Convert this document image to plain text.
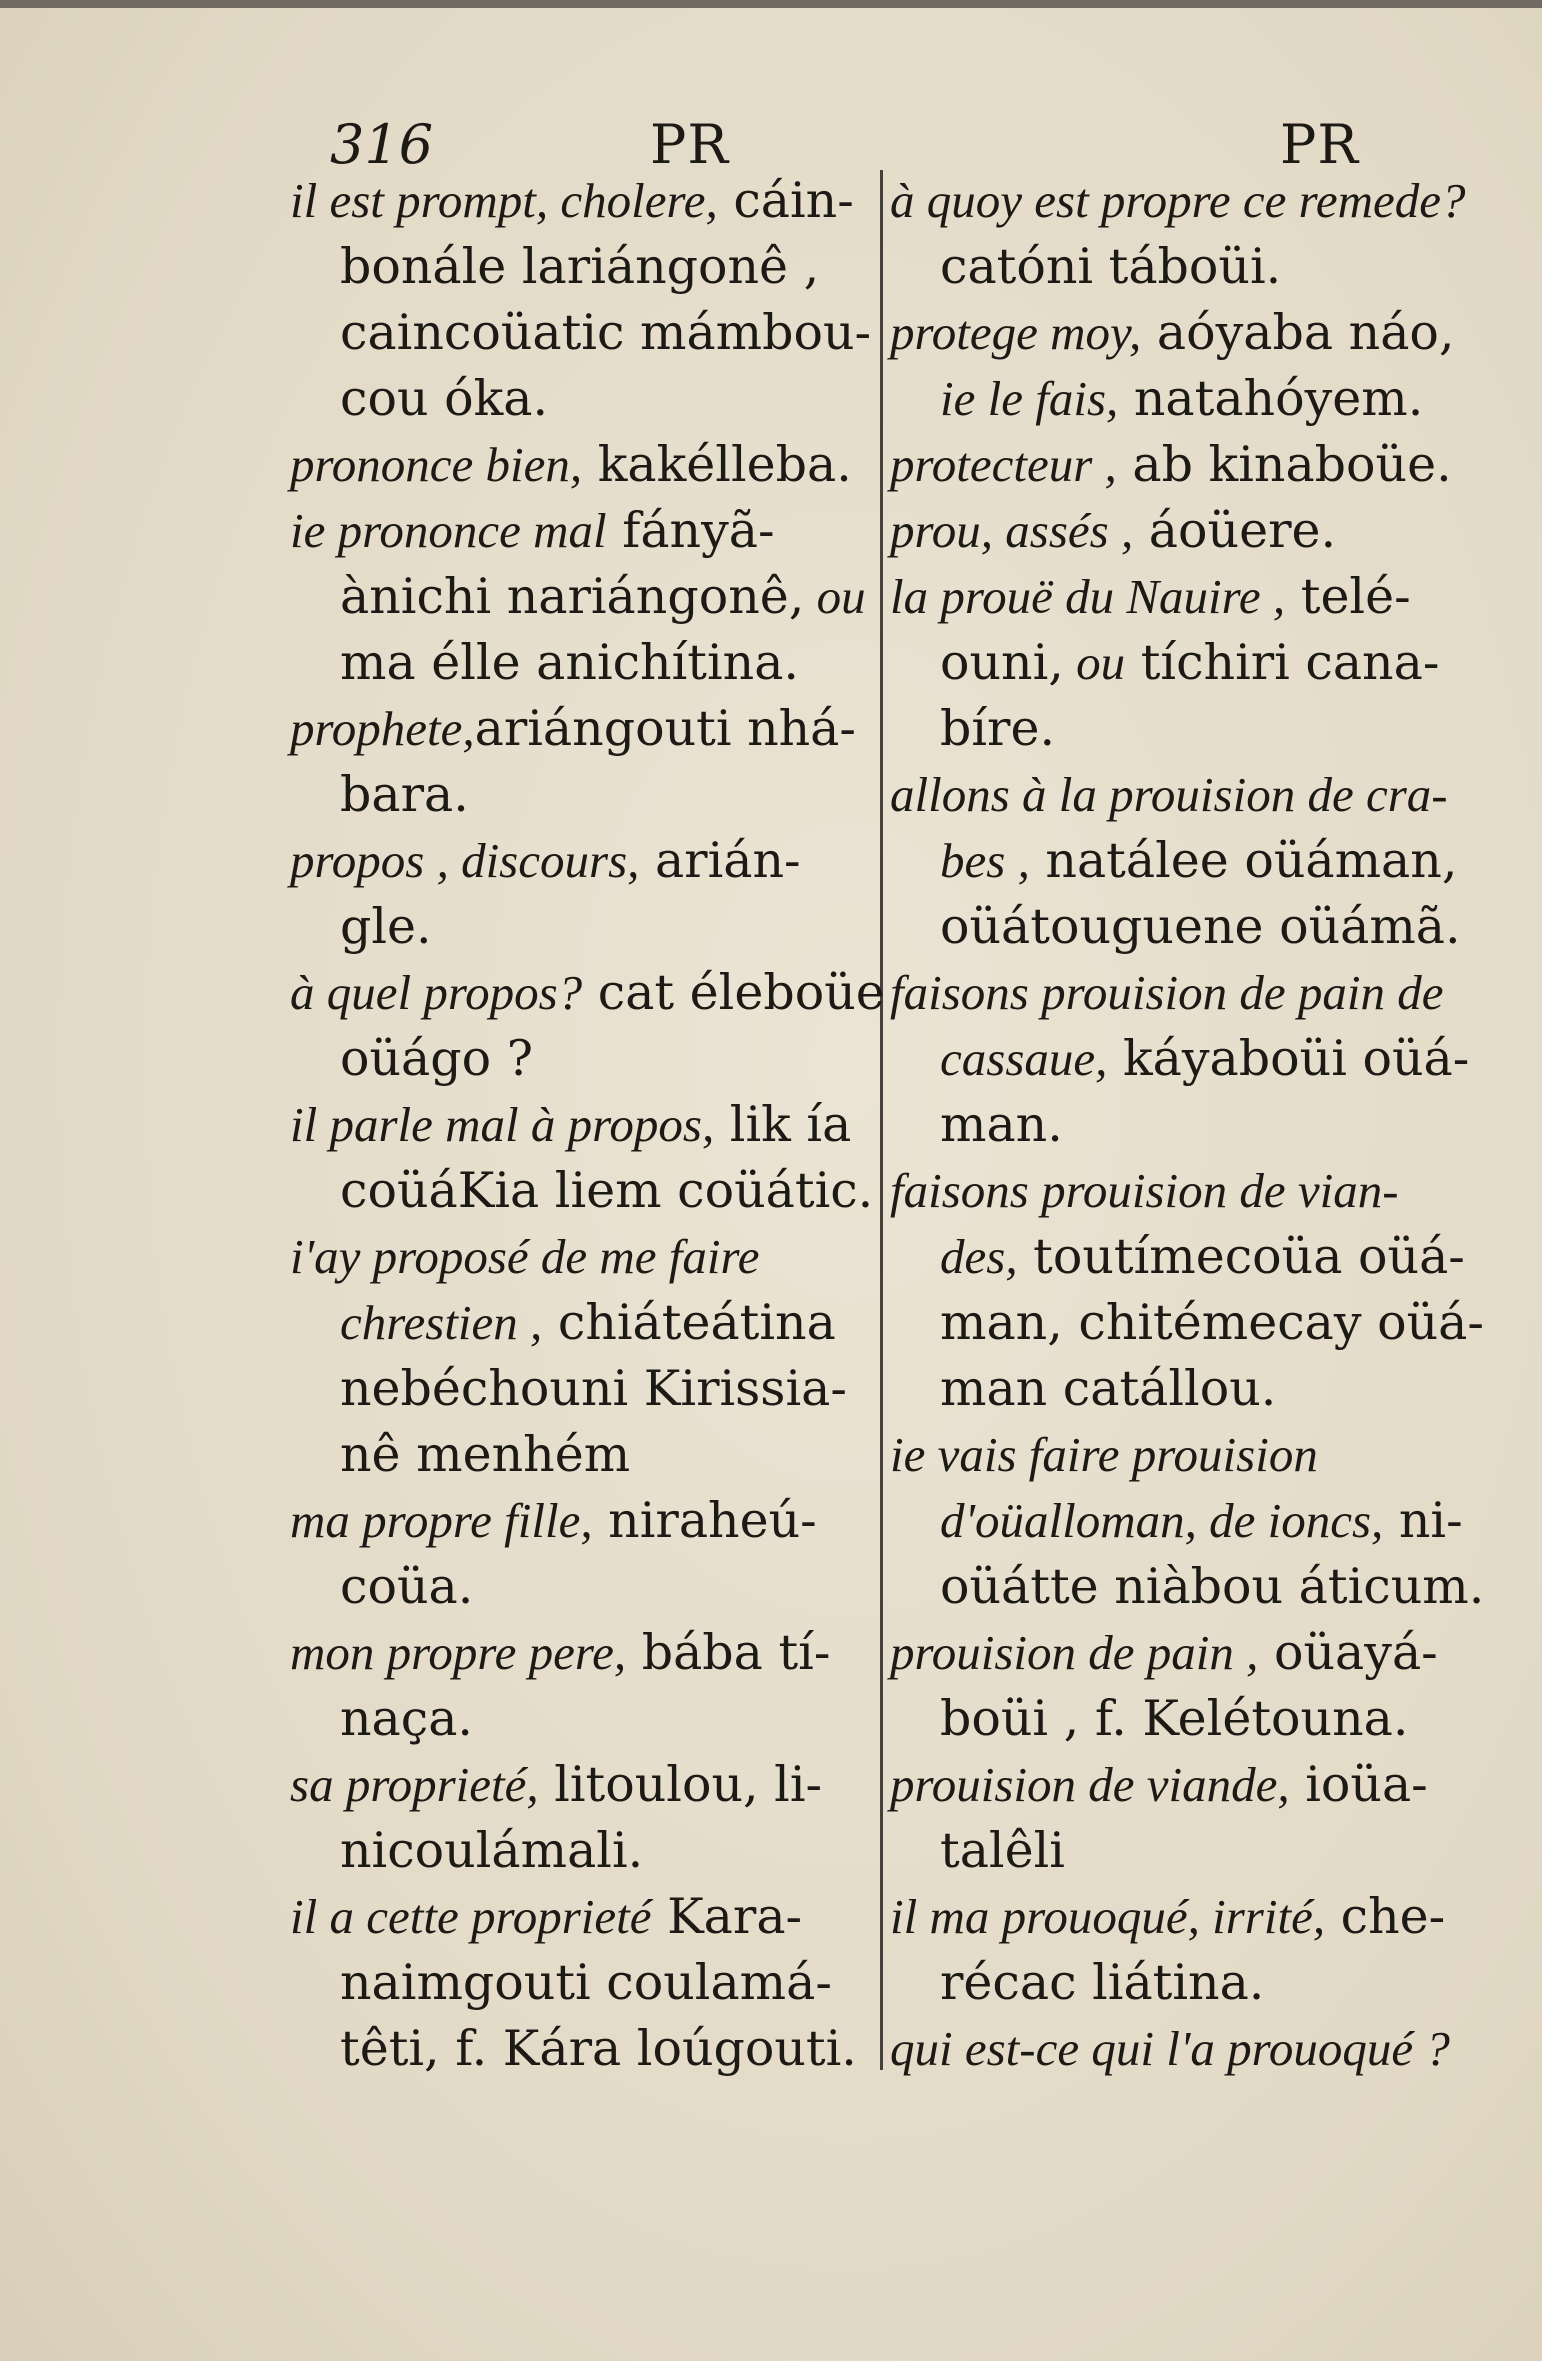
316	PR	PR
il est prompt, cholere, cáin-
bonále lariángonê ,
caincoüatic mámbou-
cou óka.
prononce bien, kakélleba.
ie prononce mal fányã-
ànichi nariángonê, ou
ma élle anichítina.
prophete,ariángouti nhá-
bara.
propos , discours, arián-
gle.
à quel propos? cat éleboüe
oüágo ?
il parle mal à propos, lik ía
coüáKia liem coüátic.
i'ay proposé de me faire
chrestien , chiáteátina
nebéchouni Kirissia-
nê menhém
ma propre fille, niraheú-
coüa.
mon propre pere, bába tí-
naça.
sa proprieté, litoulou, li-
nicoulámali.
il a cette proprieté Kara-
naimgouti coulamá-
têti, f. Kára loúgouti.
à quoy est propre ce remede?
catóni táboüi.
protege moy, aóyaba náo,
ie le fais, natahóyem.
protecteur , ab kinaboüe.
prou, assés , áoüere.
la prouë du Nauire , telé-
ouni, ou tíchiri cana-
bíre.
allons à la prouision de cra-
bes , natálee oüáman,
oüátouguene oüámã.
faisons prouision de pain de
cassaue, káyaboüi oüá-
man.
faisons prouision de vian-
des, toutímecoüa oüá-
man, chitémecay oüá-
man catállou.
ie vais faire prouision
d'oüalloman, de ioncs, ni-
oüátte niàbou áticum.
prouision de pain , oüayá-
boüi , f. Kelétouna.
prouision de viande, ioüa-
talêli
il ma prouoqué, irrité, che-
récac liátina.
qui est-ce qui l'a prouoqué ?
